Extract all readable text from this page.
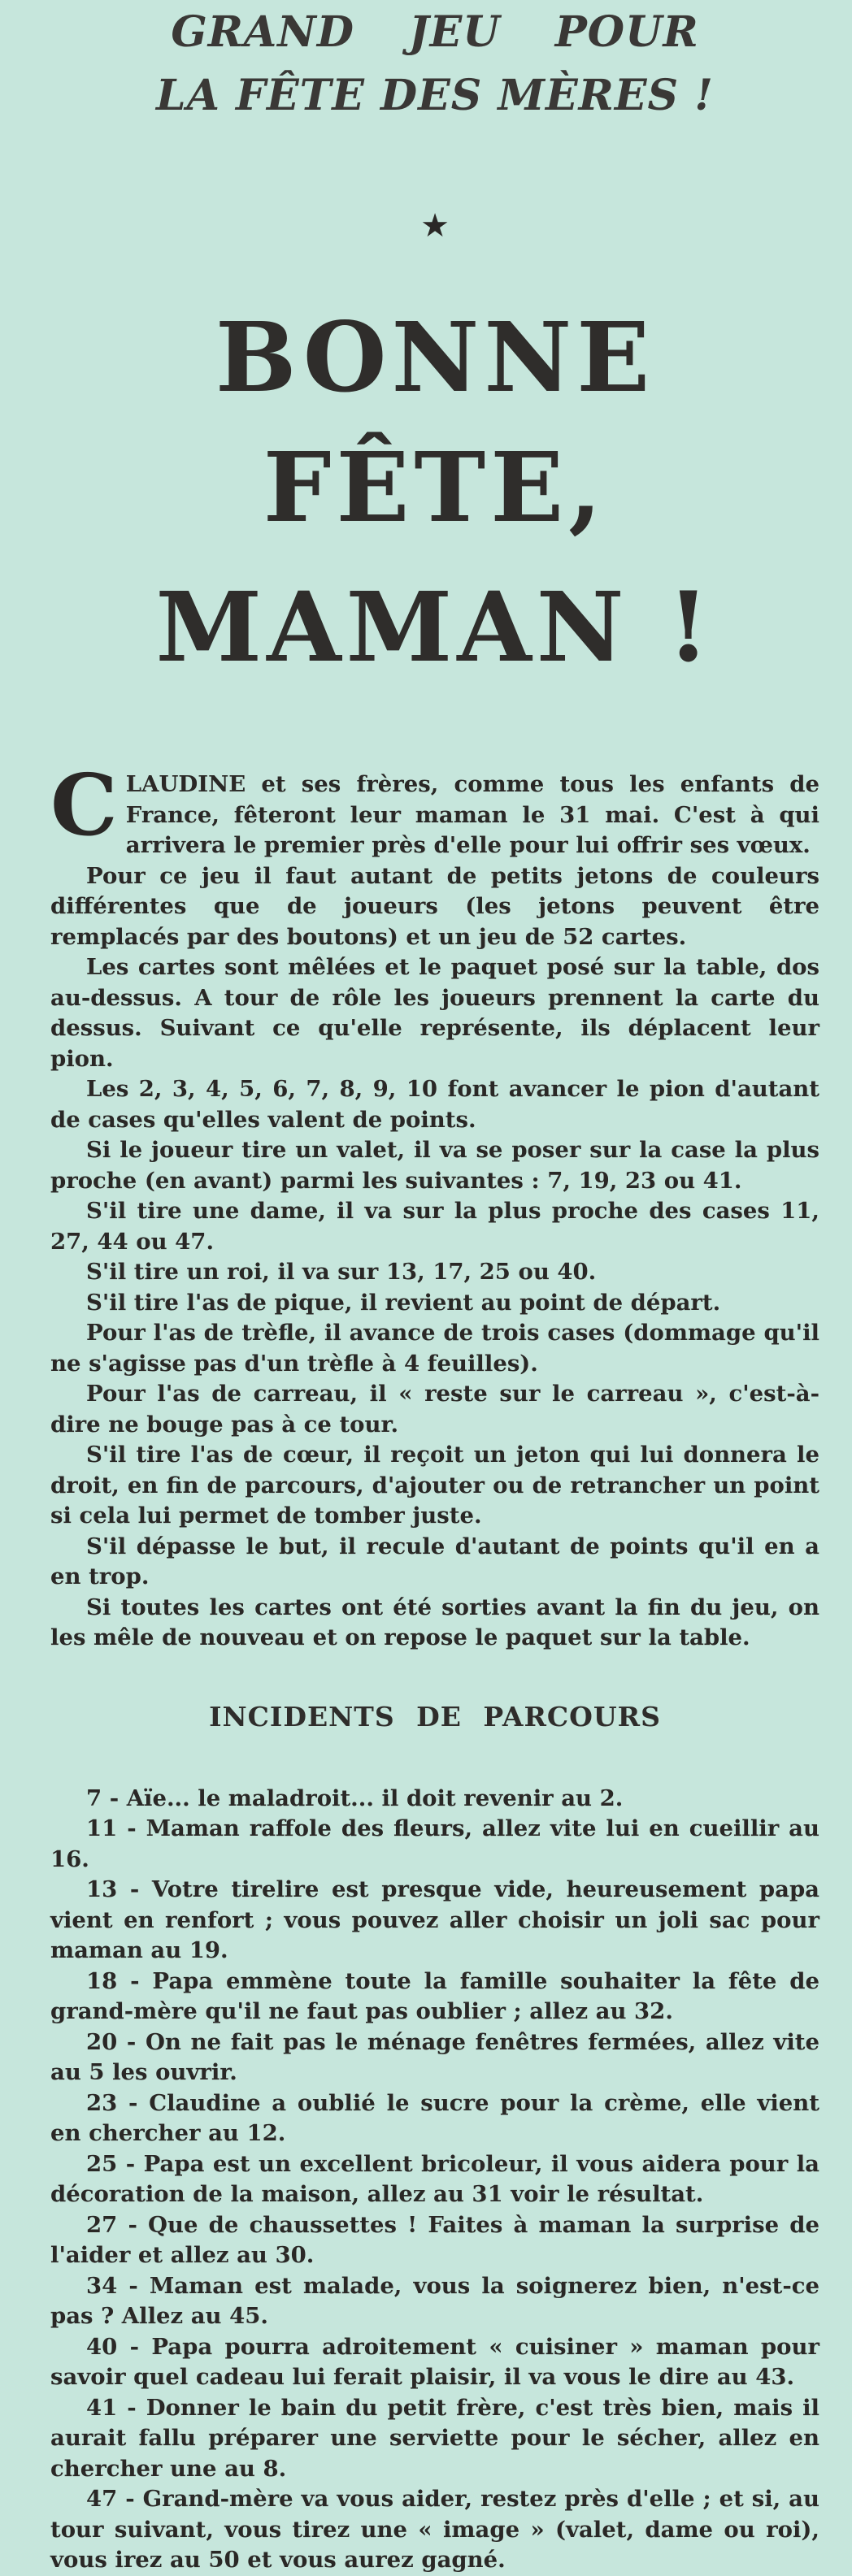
GRAND JEU POUR
LA FÊTE DES MÈRES !
★
BONNE FÊTE,
MAMAN !

CLAUDINE et ses frères, comme tous les enfants de France, fêteront leur maman le 31 mai. C'est à qui arrivera le premier près d'elle pour lui offrir ses vœux.

Pour ce jeu il faut autant de petits jetons de couleurs différentes que de joueurs (les jetons peuvent être remplacés par des boutons) et un jeu de 52 cartes.

Les cartes sont mêlées et le paquet posé sur la table, dos au-dessus. A tour de rôle les joueurs prennent la carte du dessus. Suivant ce qu'elle représente, ils déplacent leur pion.

Les 2, 3, 4, 5, 6, 7, 8, 9, 10 font avancer le pion d'autant de cases qu'elles valent de points.

Si le joueur tire un valet, il va se poser sur la case la plus proche (en avant) parmi les suivantes : 7, 19, 23 ou 41.

S'il tire une dame, il va sur la plus proche des cases 11, 27, 44 ou 47.

S'il tire un roi, il va sur 13, 17, 25 ou 40.

S'il tire l'as de pique, il revient au point de départ.

Pour l'as de trèfle, il avance de trois cases (dommage qu'il ne s'agisse pas d'un trèfle à 4 feuilles).

Pour l'as de carreau, il « reste sur le carreau », c'est-à-dire ne bouge pas à ce tour.

S'il tire l'as de cœur, il reçoit un jeton qui lui donnera le droit, en fin de parcours, d'ajouter ou de retrancher un point si cela lui permet de tomber juste.

S'il dépasse le but, il recule d'autant de points qu'il en a en trop.

Si toutes les cartes ont été sorties avant la fin du jeu, on les mêle de nouveau et on repose le paquet sur la table.

INCIDENTS DE PARCOURS

7 - Aïe... le maladroit... il doit revenir au 2.

11 - Maman raffole des fleurs, allez vite lui en cueillir au 16.

13 - Votre tirelire est presque vide, heureusement papa vient en renfort ; vous pouvez aller choisir un joli sac pour maman au 19.

18 - Papa emmène toute la famille souhaiter la fête de grand-mère qu'il ne faut pas oublier ; allez au 32.

20 - On ne fait pas le ménage fenêtres fermées, allez vite au 5 les ouvrir.

23 - Claudine a oublié le sucre pour la crème, elle vient en chercher au 12.

25 - Papa est un excellent bricoleur, il vous aidera pour la décoration de la maison, allez au 31 voir le résultat.

27 - Que de chaussettes ! Faites à maman la surprise de l'aider et allez au 30.

34 - Maman est malade, vous la soignerez bien, n'est-ce pas ? Allez au 45.

40 - Papa pourra adroitement « cuisiner » maman pour savoir quel cadeau lui ferait plaisir, il va vous le dire au 43.

41 - Donner le bain du petit frère, c'est très bien, mais il aurait fallu préparer une serviette pour le sécher, allez en chercher une au 8.

47 - Grand-mère va vous aider, restez près d'elle ; et si, au tour suivant, vous tirez une « image » (valet, dame ou roi), vous irez au 50 et vous aurez gagné.
